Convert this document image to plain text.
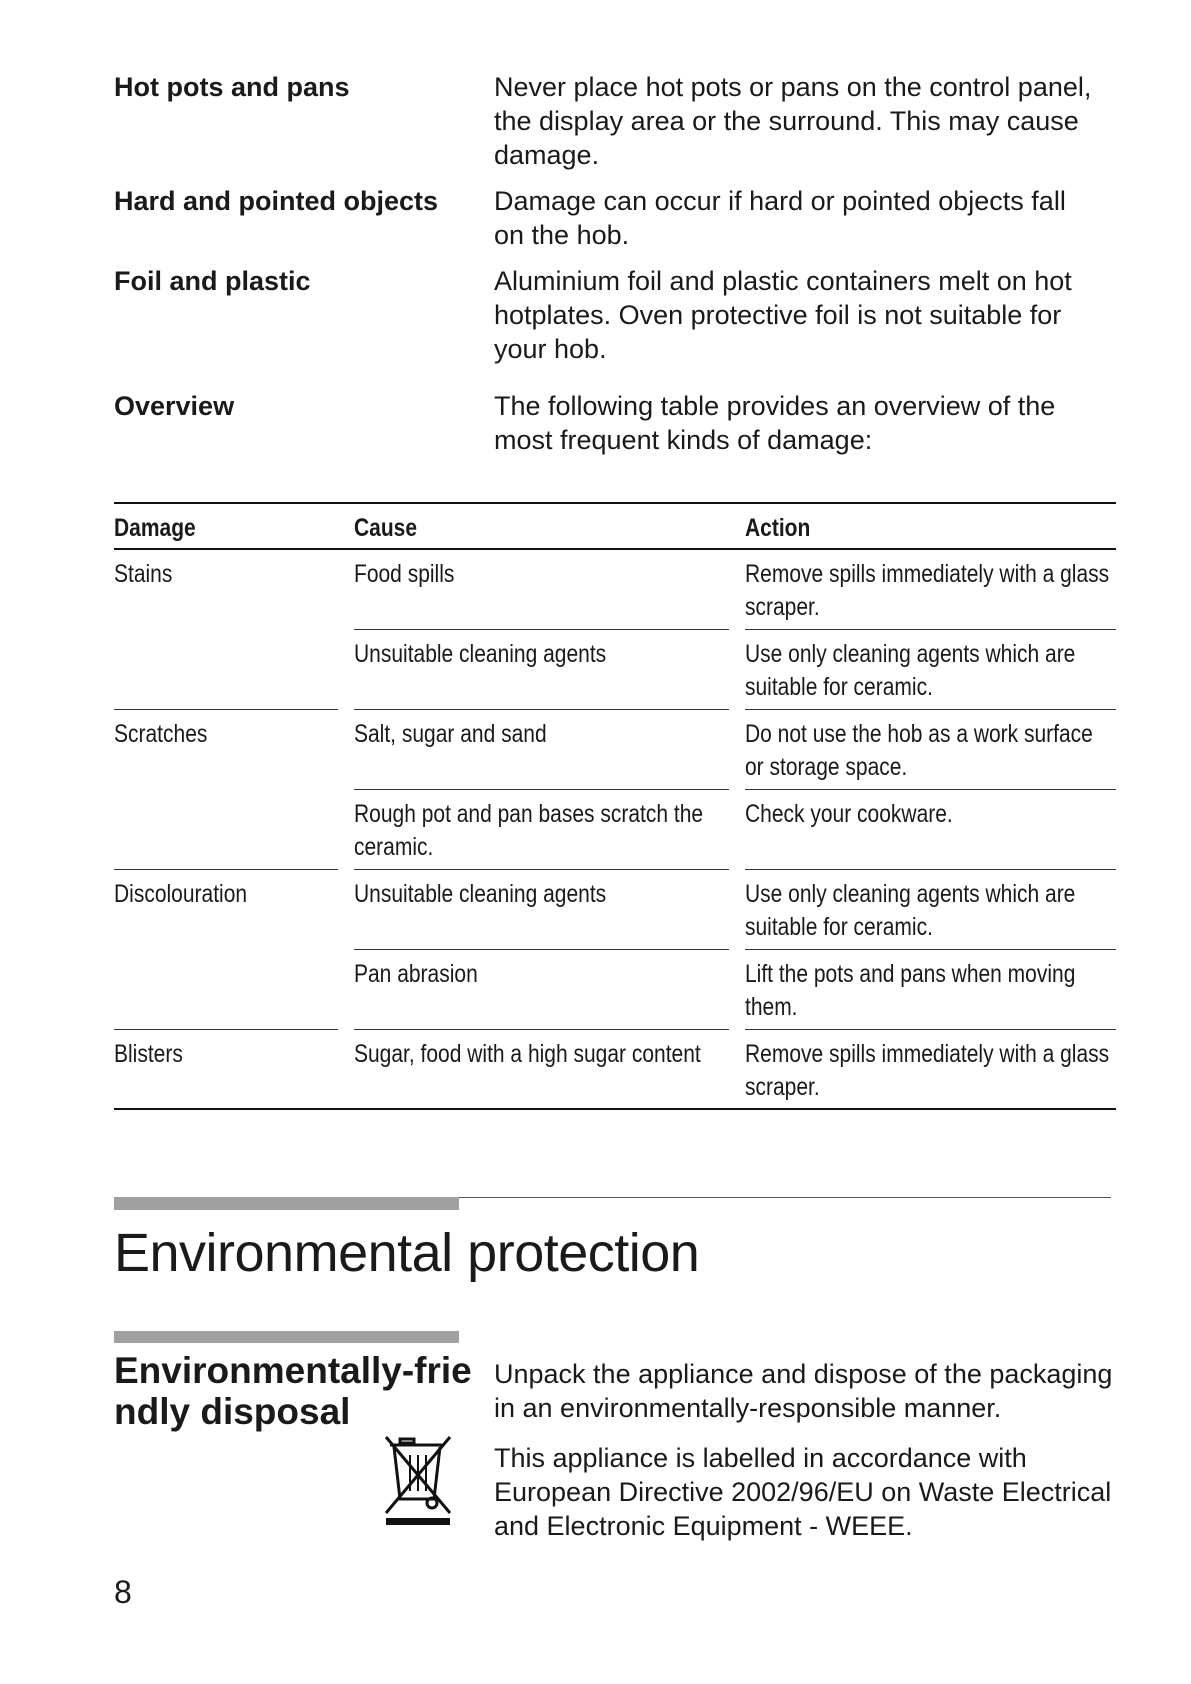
Hot pots and pans	Never place hot pots or pans on the control panel, the display area or the surround. This may cause damage.
Hard and pointed objects	Damage can occur if hard or pointed objects fall on the hob.
Foil and plastic	Aluminium foil and plastic containers melt on hot hotplates. Oven protective foil is not suitable for your hob.
Overview	The following table provides an overview of the most frequent kinds of damage:
Damage		Cause		Action
Stains		Food spills		Remove spills immediately with a glass scraper.
		Unsuitable cleaning agents		Use only cleaning agents which are suitable for ceramic.
Scratches		Salt, sugar and sand		Do not use the hob as a work surface or storage space.
		Rough pot and pan bases scratch the ceramic.		Check your cookware.
Discolouration		Unsuitable cleaning agents		Use only cleaning agents which are suitable for ceramic.
		Pan abrasion		Lift the pots and pans when moving them.
Blisters		Sugar, food with a high sugar content		Remove spills immediately with a glass scraper.
Environmental protection
Environmentally-friendly disposal

Unpack the appliance and dispose of the packaging in an environmentally-responsible manner.

This appliance is labelled in accordance with European Directive 2002/96/EU on Waste Electrical and Electronic Equipment - WEEE.

8
